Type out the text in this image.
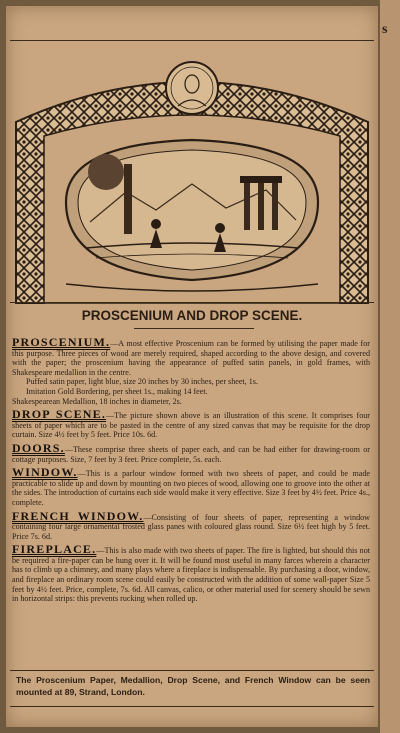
s
PROSCENIUM AND DROP SCENE.

PROSCENIUM.—A most effective Proscenium can be formed by utilising the paper made for this purpose. Three pieces of wood are merely required, shaped according to the above design, and covered with the paper; the proscenium having the appearance of puffed satin panels, in gold frames, with Shakespeare medallion in the centre.
Puffed satin paper, light blue, size 20 inches by 30 inches, per sheet, 1s.
Imitation Gold Bordering, per sheet 1s., making 14 feet.
Shakespearean Medallion, 18 inches in diameter, 2s.

DROP SCENE.—The picture shown above is an illustration of this scene. It comprises four sheets of paper which are to be pasted in the centre of any sized canvas that may be requisite for the drop curtain. Size 4½ feet by 5 feet. Price 10s. 6d.

DOORS.—These comprise three sheets of paper each, and can be had either for drawing-room or cottage purposes. Size, 7 feet by 3 feet. Price complete, 5s. each.

WINDOW.—This is a parlour window formed with two sheets of paper, and could be made practicable to slide up and down by mounting on two pieces of wood, allowing one to groove into the other at the sides. The introduction of curtains each side would make it very effective. Size 3 feet by 4½ feet. Price 4s., complete.

FRENCH WINDOW.—Consisting of four sheets of paper, representing a window containing four large ornamental frosted glass panes with coloured glass round. Size 6½ feet high by 5 feet. Price 7s. 6d.

FIREPLACE.—This is also made with two sheets of paper. The fire is lighted, but should this not be required a fire-paper can be hung over it. It will be found most useful in many farces wherein a character has to climb up a chimney, and many plays where a fireplace is indispensable. By purchasing a door, window, and fireplace an ordinary room scene could easily be constructed with the addition of some wall-paper Size 5 feet by 4½ feet. Price, complete, 7s. 6d. All canvas, calico, or other material used for scenery should be sewn in horizontal strips: this prevents rucking when rolled up.

The Proscenium Paper, Medallion, Drop Scene, and French Window can be seen mounted at 89, Strand, London.
